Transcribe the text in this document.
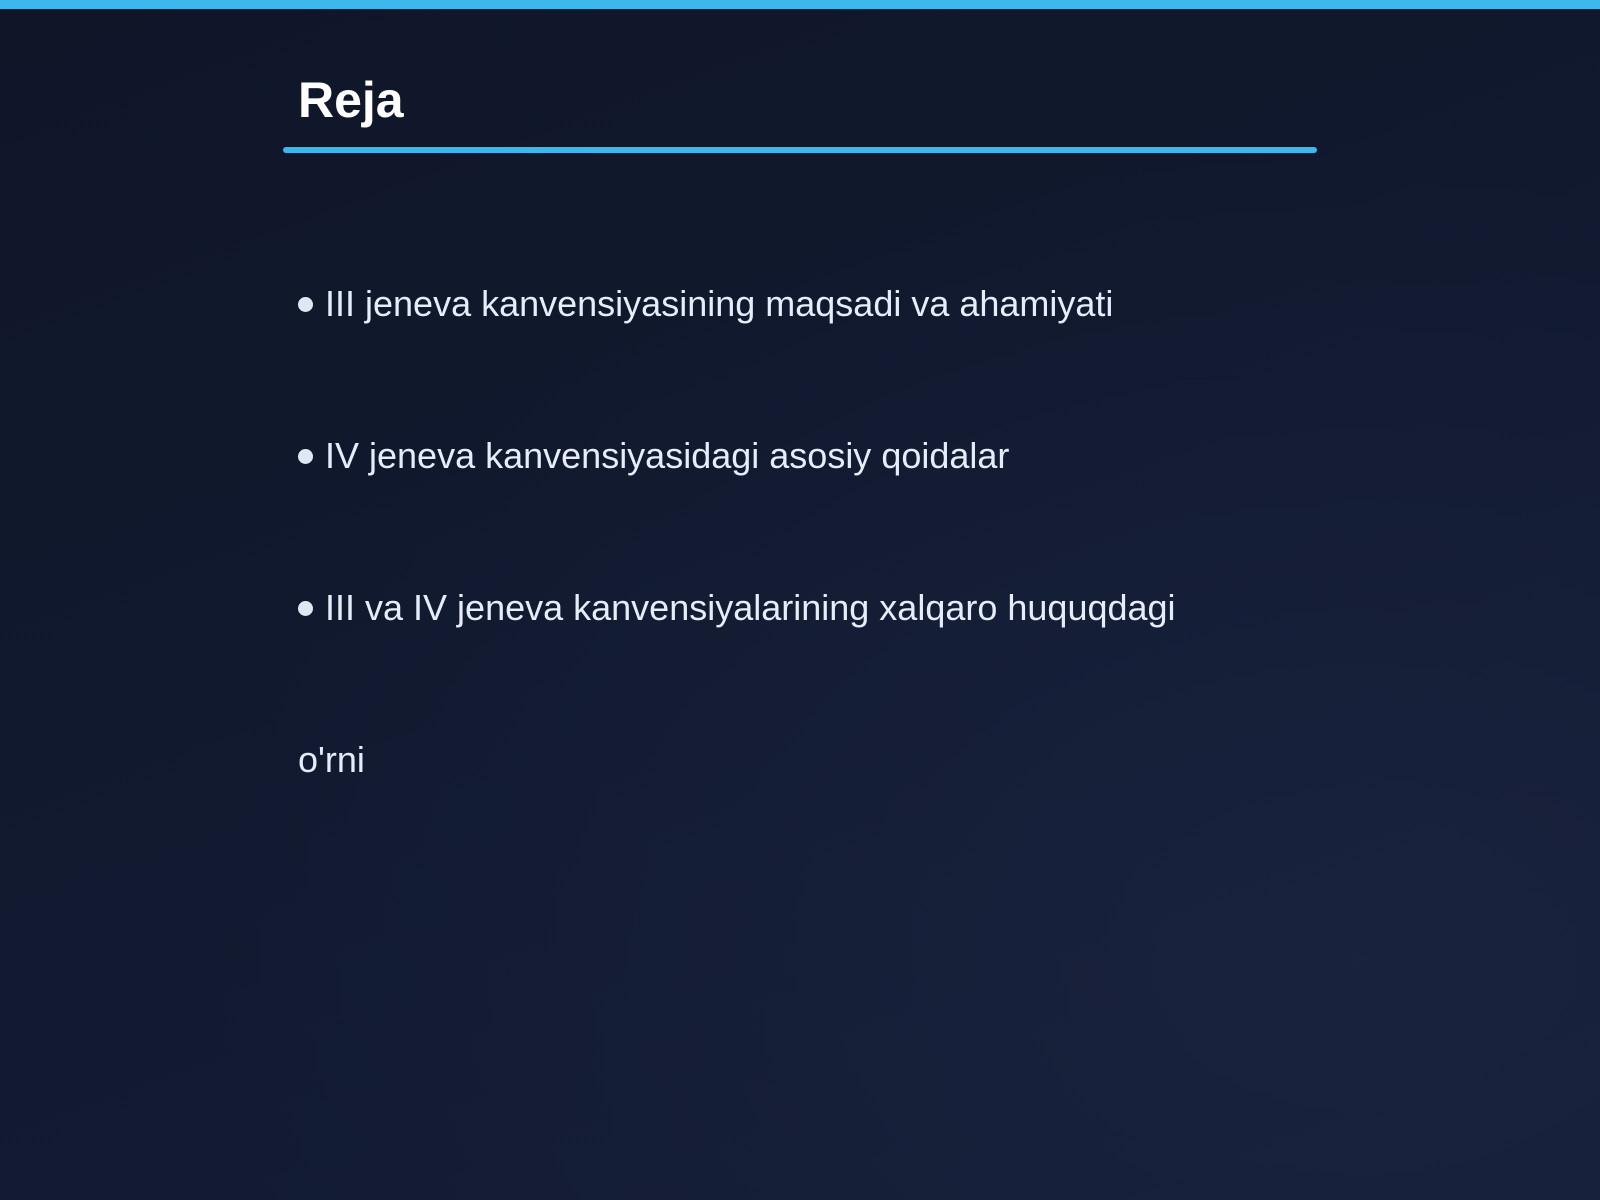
Reja
III jeneva kanvensiyasining maqsadi va ahamiyati
IV jeneva kanvensiyasidagi asosiy qoidalar
III va IV jeneva kanvensiyalarining xalqaro huquqdagi
o'rni
